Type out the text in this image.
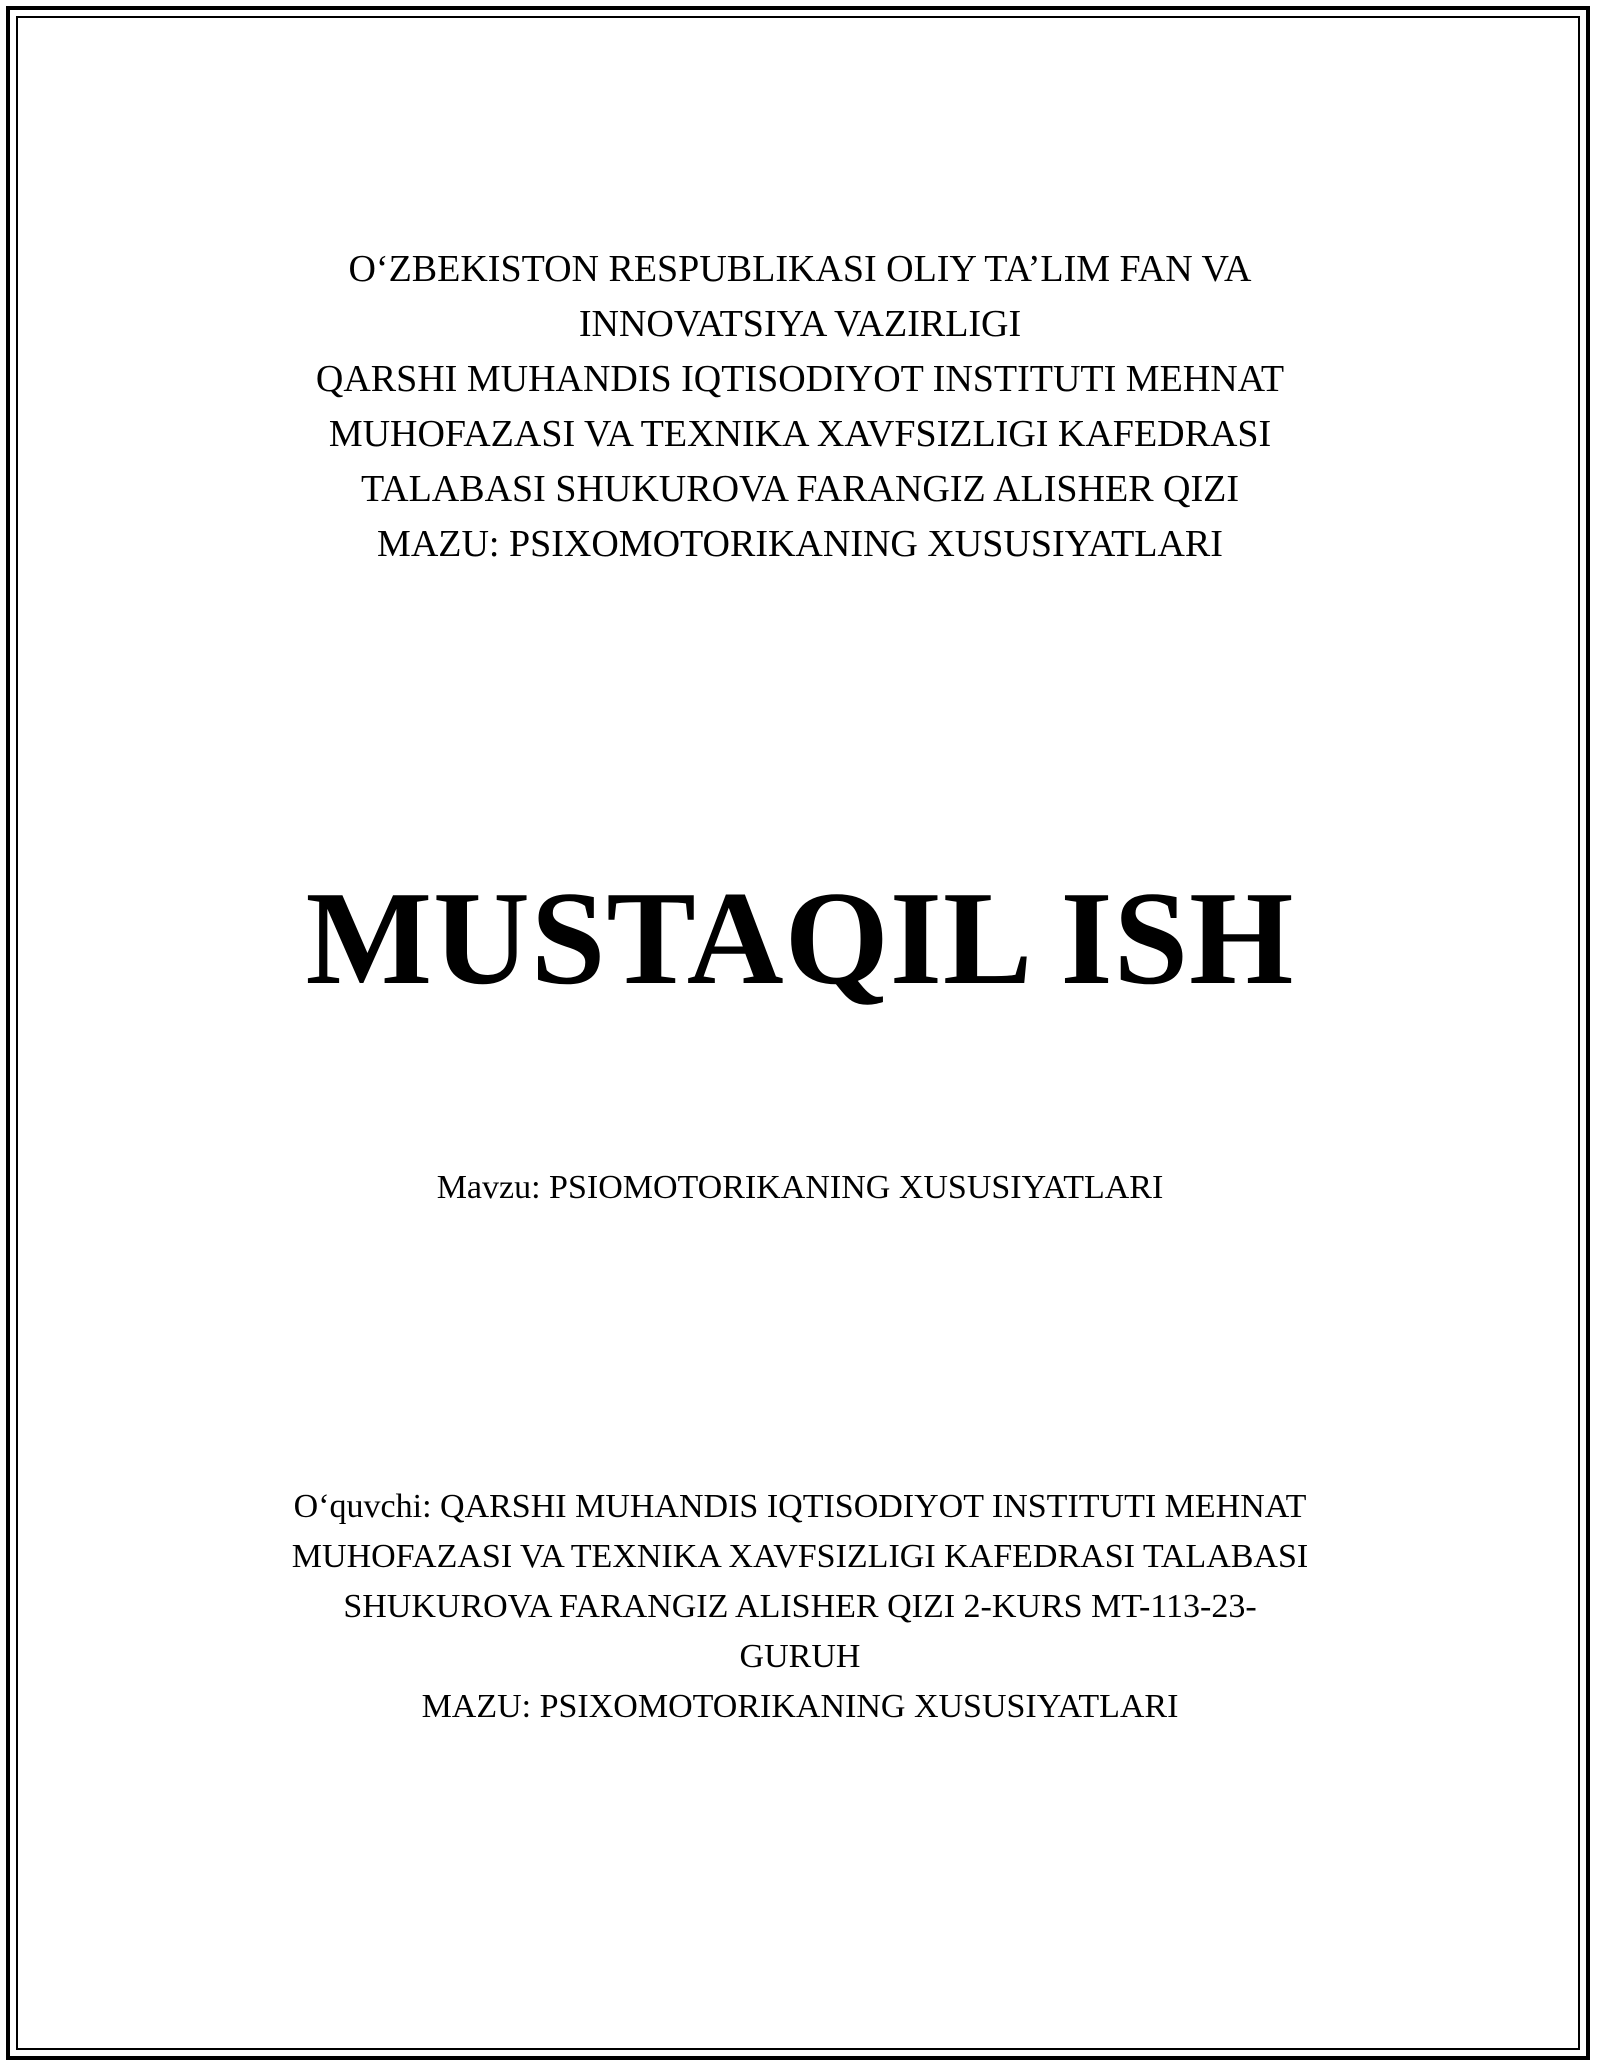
O‘ZBEKISTON RESPUBLIKASI OLIY TA’LIM FAN VA
INNOVATSIYA VAZIRLIGI
QARSHI MUHANDIS IQTISODIYOT INSTITUTI MEHNAT
MUHOFAZASI VA TEXNIKA XAVFSIZLIGI KAFEDRASI
TALABASI SHUKUROVA FARANGIZ ALISHER QIZI
MAZU: PSIXOMOTORIKANING XUSUSIYATLARI
MUSTAQIL ISH
Mavzu: PSIOMOTORIKANING XUSUSIYATLARI
O‘quvchi: QARSHI MUHANDIS IQTISODIYOT INSTITUTI MEHNAT
MUHOFAZASI VA TEXNIKA XAVFSIZLIGI KAFEDRASI TALABASI
SHUKUROVA FARANGIZ ALISHER QIZI 2-KURS MT-113-23-
GURUH
MAZU: PSIXOMOTORIKANING XUSUSIYATLARI
